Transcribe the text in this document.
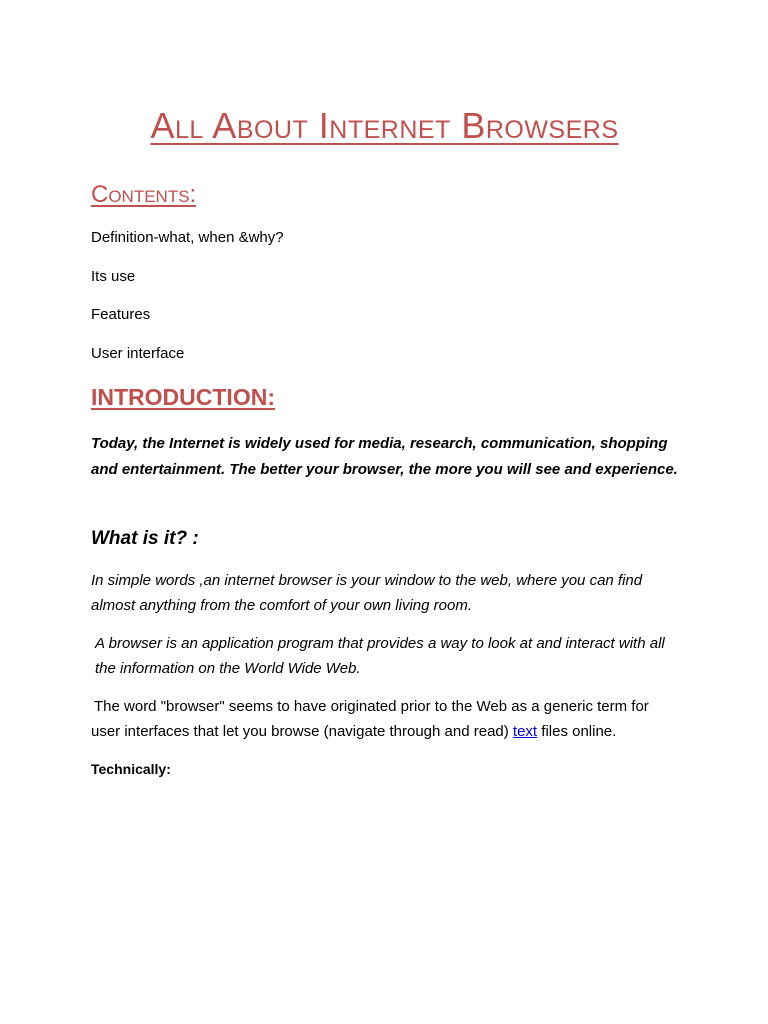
All About Internet Browsers
Contents:
Definition-what, when &why?
Its use
Features
User interface
INTRODUCTION:

Today, the Internet is widely used for media, research, communication, shopping and entertainment. The better your browser, the more you will see and experience.

What is it? :

In simple words ,an internet browser is your window to the web, where you can find almost anything from the comfort of your own living room.

A browser is an application program that provides a way to look at and interact with all the information on the World Wide Web.

The word "browser" seems to have originated prior to the Web as a generic term for user interfaces that let you browse (navigate through and read) text files online.

Technically:
